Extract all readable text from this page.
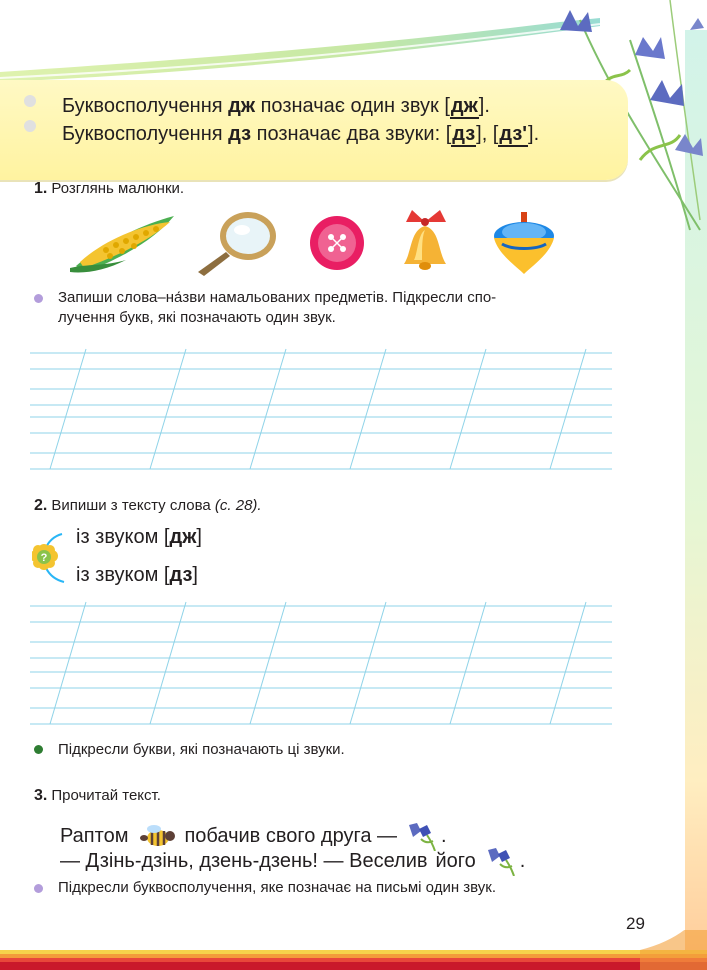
Буквосполучення дж позначає один звук [дж].
Буквосполучення дз позначає два звуки: [дз], [дз'].
1. Розглянь малюнки.
Запиши слова–на́зви намальованих предметів. Підкресли спо-
лучення букв, які позначають один звук.
2. Випиши з тексту слова (с. 28).
?
із звуком [дж]
із звуком [дз]
Підкресли букви, які позначають ці звуки.
3. Прочитай текст.
Раптом	побачив свого друга — .
— Дзінь-дзінь, дзень-дзень! — Веселив його .
Підкресли буквосполучення, яке позначає на письмі один звук.
29
